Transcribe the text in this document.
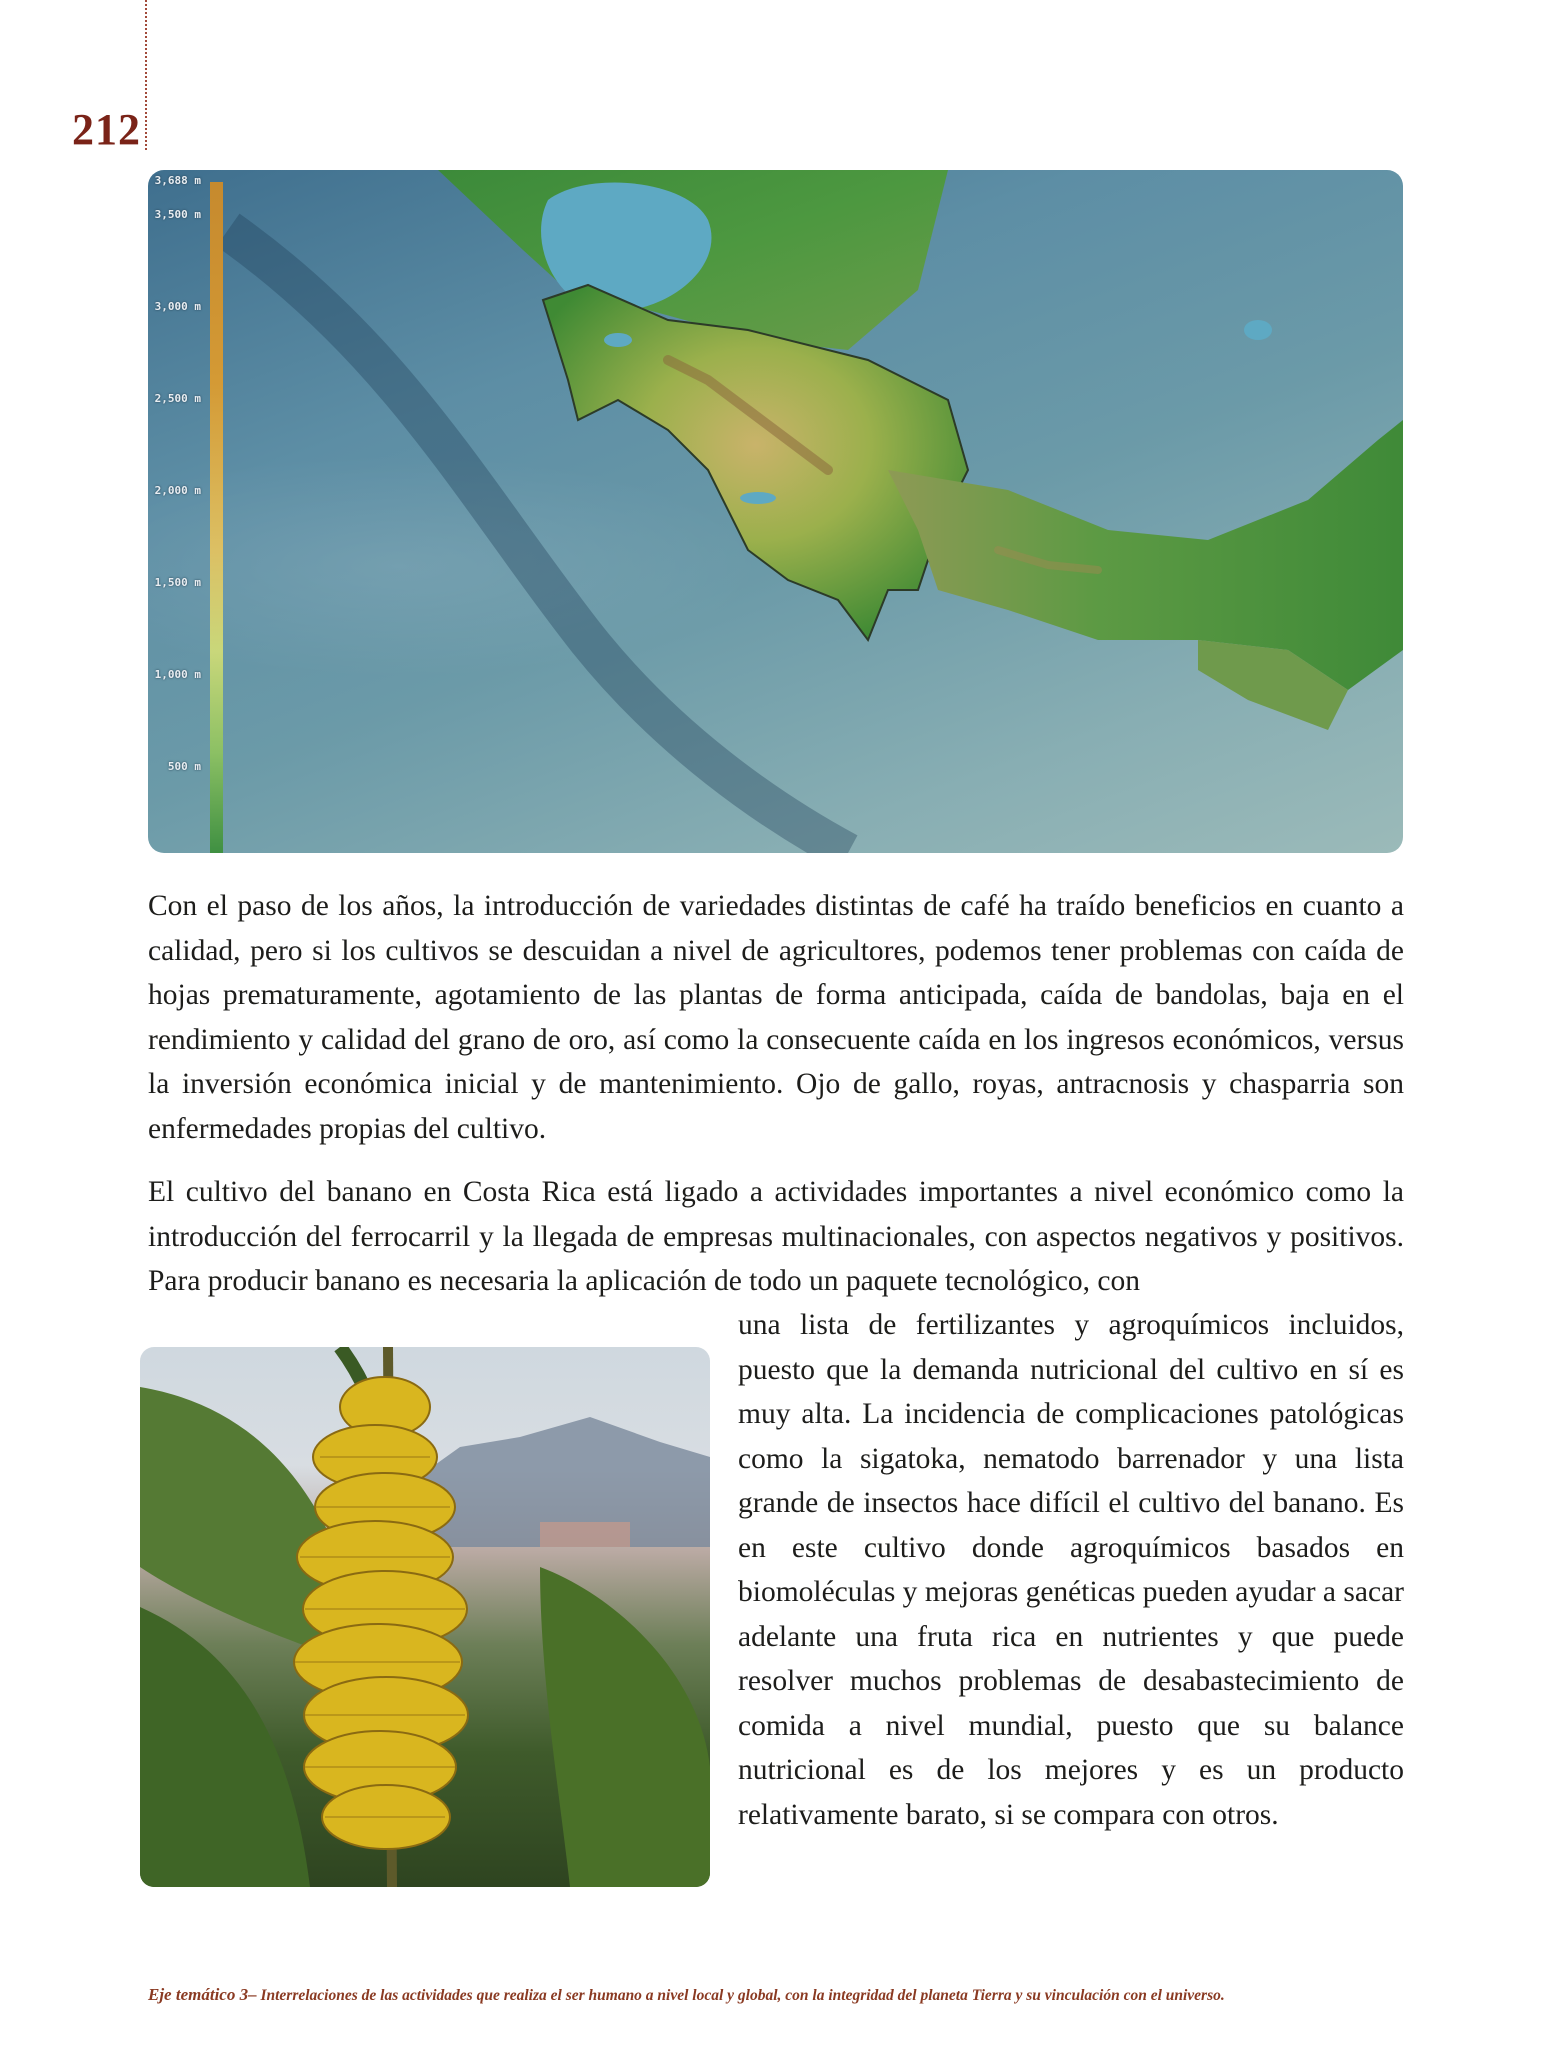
212
3,688 m
3,500 m
3,000 m
2,500 m
2,000 m
1,500 m
1,000 m
500 m

Con el paso de los años, la introducción de variedades distintas de café ha traído beneficios en cuanto a calidad, pero si los cultivos se descuidan a nivel de agricultores, podemos tener problemas con caída de hojas prematuramente, agotamiento de las plantas de forma anticipada, caída de bandolas, baja en el rendimiento y calidad del grano de oro, así como la consecuente caída en los ingresos económicos, versus la inversión económica inicial y de mantenimiento. Ojo de gallo, royas, antracnosis y chasparria son enfermedades propias del cultivo.

El cultivo del banano en Costa Rica está ligado a actividades importantes a nivel económico como la introducción del ferrocarril y la llegada de empresas multinacionales, con aspectos negativos y positivos. Para producir banano es necesaria la aplicación de todo un paquete tecnológico, con

una lista de fertilizantes y agroquímicos incluidos, puesto que la demanda nutricional del cultivo en sí es muy alta. La incidencia de complicaciones patológicas como la sigatoka, nematodo barrenador y una lista grande de insectos hace difícil el cultivo del banano. Es en este cultivo donde agroquímicos basados en biomoléculas y mejoras genéticas pueden ayudar a sacar adelante una fruta rica en nutrientes y que puede resolver muchos problemas de desabastecimiento de comida a nivel mundial, puesto que su balance nutricional es de los mejores y es un producto relativamente barato, si se compara con otros.

Eje temático 3– Interrelaciones de las actividades que realiza el ser humano a nivel local y global, con la integridad del planeta Tierra y su vinculación con el universo.
